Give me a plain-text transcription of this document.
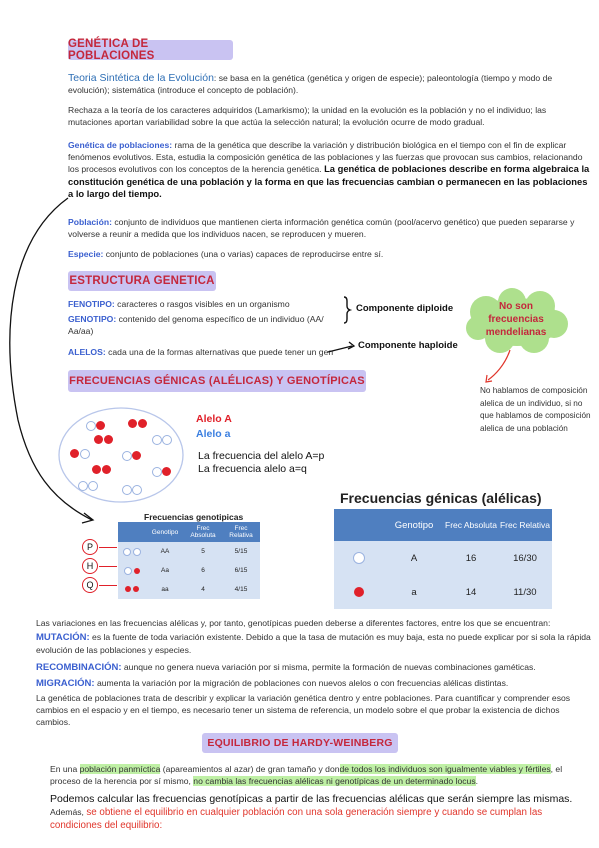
GENÉTICA DE POBLACIONES
Teoria Sintética de la Evolución: se basa en la genética (genética y origen de especie); paleontología (tiempo y modo de evolución); sistemática (introduce el concepto de población).
Rechaza a la teoría de los caracteres adquiridos (Lamarkismo); la unidad en la evolución es la población y no el individuo; las mutaciones aportan variabilidad sobre la que actúa la selección natural; la evolución ocurre de modo gradual.
Genética de poblaciones: rama de la genética que describe la variación y distribución biológica en el tiempo con el fin de explicar fenómenos evolutivos. Esta, estudia la composición genética de las poblaciones y las fuerzas que provocan sus cambios, relacionando los procesos evolutivos con los conceptos de la herencia genética. La genética de poblaciones describe en forma algebraica la constitución genética de una población y la forma en que las frecuencias cambian o permanecen en las poblaciones a lo largo del tiempo.
Población: conjunto de individuos que mantienen cierta información genética común (pool/acervo genético) que pueden separarse y volverse a reunir a medida que los individuos nacen, se reproducen y mueren.
Especie: conjunto de poblaciones (una o varias) capaces de reproducirse entre sí.
ESTRUCTURA GENETICA
FENOTIPO: caracteres o rasgos visibles en un organismo
GENOTIPO: contenido del genoma específico de un individuo (AA/ Aa/aa)
ALELOS: cada una de la formas alternativas que puede tener un gen
Componente diploide
Componente haploide
No son frecuencias mendelianas
No hablamos de composición alelica de un individuo, si no que hablamos de composición alelica de una población
FRECUENCIAS GÉNICAS (ALÉLICAS) Y GENOTÍPICAS
Alelo A
Alelo a
La frecuencia del alelo A=p
La frecuencia alelo a=q
Frecuencias genotipicas
P
H
Q
	Genotipo	Frec Absoluta	Frec Relativa
	AA	5	5/15
	Aa	6	6/15
	aa	4	4/15
Frecuencias génicas (alélicas)
	Genotipo	Frec Absoluta	Frec Relativa
	A	16	16/30
	a	14	11/30
Las variaciones en las frecuencias alélicas y, por tanto, genotípicas pueden deberse a diferentes factores, entre los que se encuentran:
MUTACIÓN: es la fuente de toda variación existente. Debido a que la tasa de mutación es muy baja, esta no puede explicar por si sola la rápida evolución de las poblaciones y especies.
RECOMBINACIÓN: aunque no genera nueva variación por si misma, permite la formación de nuevas combinaciones gaméticas.
MIGRACIÓN: aumenta la variación por la migración de poblaciones con nuevos alelos o con frecuencias alélicas distintas.
La genética de poblaciones trata de describir y explicar la variación genética dentro y entre poblaciones. Para cuantificar y comprender esos cambios en el espacio y en el tiempo, es necesario tener un sistema de referencia, un modelo sobre el que probar la existencia de dichos cambios.
EQUILIBRIO DE HARDY-WEINBERG
En una población panmíctica (apareamientos al azar) de gran tamaño y donde todos los individuos son igualmente viables y fértiles, el proceso de la herencia por sí mismo, no cambia las frecuencias alélicas ni genotípicas de un determinado locus.
Podemos calcular las frecuencias genotípicas a partir de las frecuencias alélicas que serán siempre las mismas. Además, se obtiene el equilibrio en cualquier población con una sola generación siempre y cuando se cumplan las condiciones del equilibrio:
